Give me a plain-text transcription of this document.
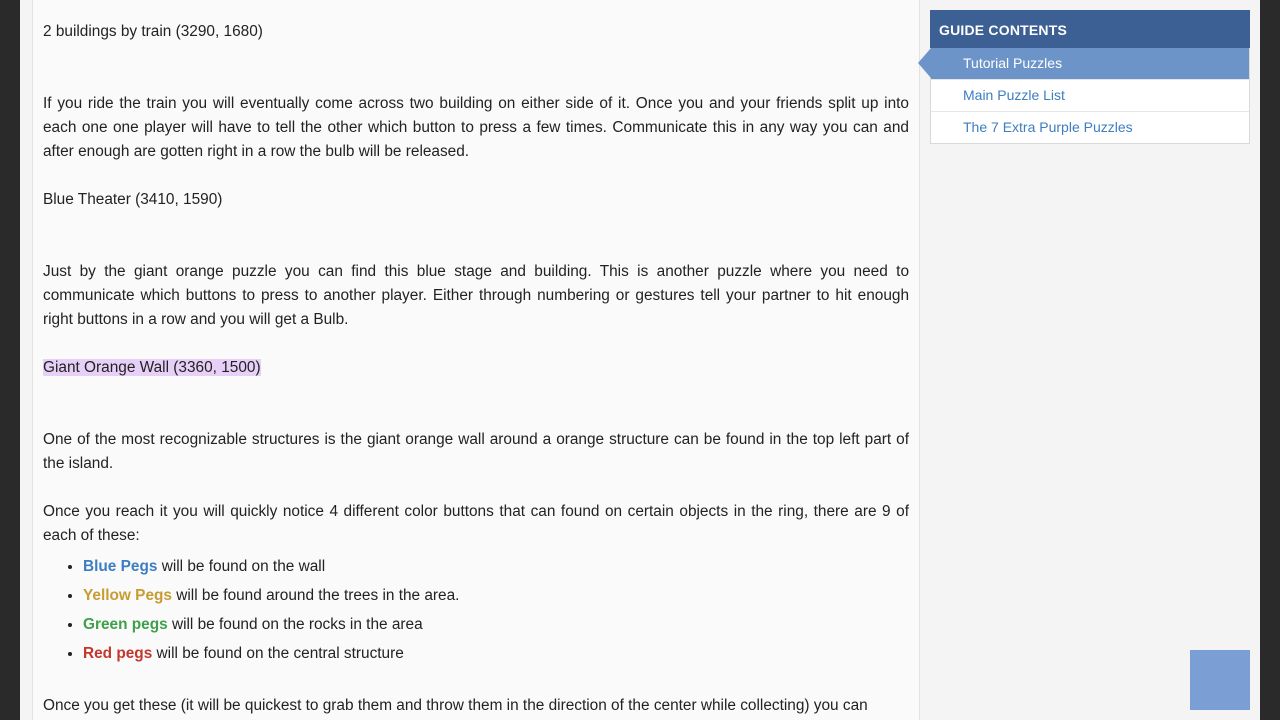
2 buildings by train (3290, 1680)

If you ride the train you will eventually come across two building on either side of it. Once you and your friends split up into each one one player will have to tell the other which button to press a few times. Communicate this in any way you can and after enough are gotten right in a row the bulb will be released.

Blue Theater (3410, 1590)

Just by the giant orange puzzle you can find this blue stage and building. This is another puzzle where you need to communicate which buttons to press to another player. Either through numbering or gestures tell your partner to hit enough right buttons in a row and you will get a Bulb.

Giant Orange Wall (3360, 1500)

One of the most recognizable structures is the giant orange wall around a orange structure can be found in the top left part of the island.

Once you reach it you will quickly notice 4 different color buttons that can found on certain objects in the ring, there are 9 of each of these:

• Blue Pegs will be found on the wall
• Yellow Pegs will be found around the trees in the area.
• Green pegs will be found on the rocks in the area
• Red pegs will be found on the central structure

Once you get these (it will be quickest to grab them and throw them in the direction of the center while collecting) you can

GUIDE CONTENTS
Tutorial Puzzles
Main Puzzle List
The 7 Extra Purple Puzzles
